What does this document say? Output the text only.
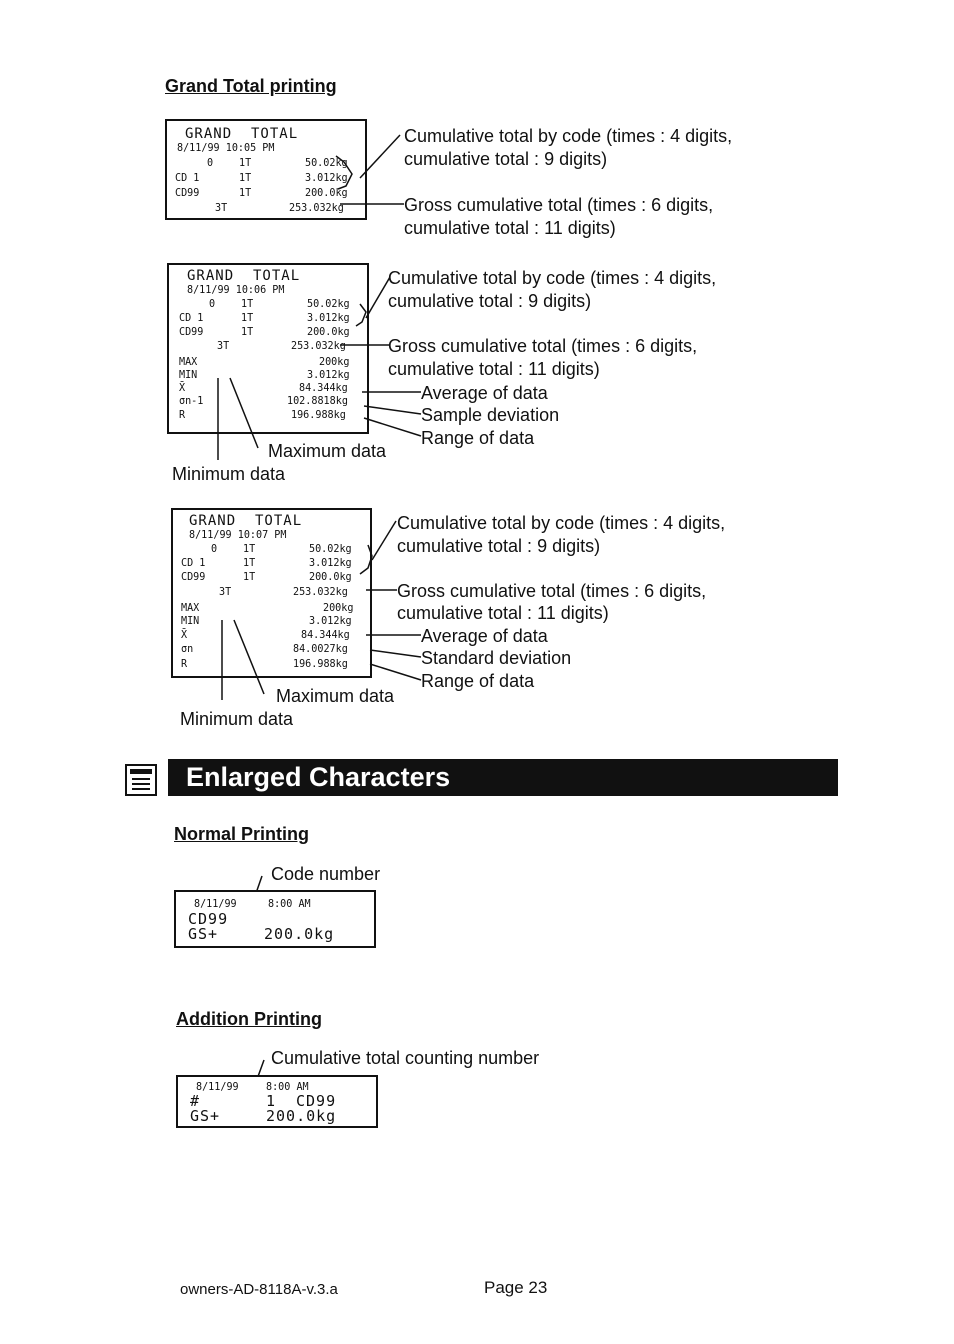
Grand Total printing
GRAND  TOTAL
8/11/99 10:05 PM
0 1T	50.02kg
CD 1	1T	3.012kg
CD99	1T	200.0kg
3T	253.032kg
Cumulative total by code (times : 4 digits,
cumulative total : 9 digits)
Gross cumulative total (times : 6 digits,
cumulative total : 11 digits)
GRAND  TOTAL
8/11/99 10:06 PM
0 1T	50.02kg
CD 1	1T	3.012kg
CD99	1T	200.0kg
3T	253.032kg
MAX	200kg
MIN	3.012kg
X̄	84.344kg
σn-1	102.8818kg
R	196.988kg
Cumulative total by code (times : 4 digits,
cumulative total : 9 digits)
Gross cumulative total (times : 6 digits,
cumulative total : 11 digits)
Average of data
Sample deviation
Range of data
Maximum data
Minimum data
GRAND  TOTAL
8/11/99 10:07 PM
0 1T	50.02kg
CD 1	1T	3.012kg
CD99	1T	200.0kg
3T	253.032kg
MAX	200kg
MIN	3.012kg
X̄	84.344kg
σn	84.0027kg
R	196.988kg
Cumulative total by code (times : 4 digits,
cumulative total : 9 digits)
Gross cumulative total (times : 6 digits,
cumulative total : 11 digits)
Average of data
Standard deviation
Range of data
Maximum data
Minimum data
Enlarged Characters
Normal Printing
Code number
8/11/99	8:00 AM
CD99
GS+	200.0kg
Addition Printing
Cumulative total counting number
8/11/99 8:00 AM
#	1 CD99
GS+	200.0kg
owners-AD-8118A-v.3.a	Page 23
